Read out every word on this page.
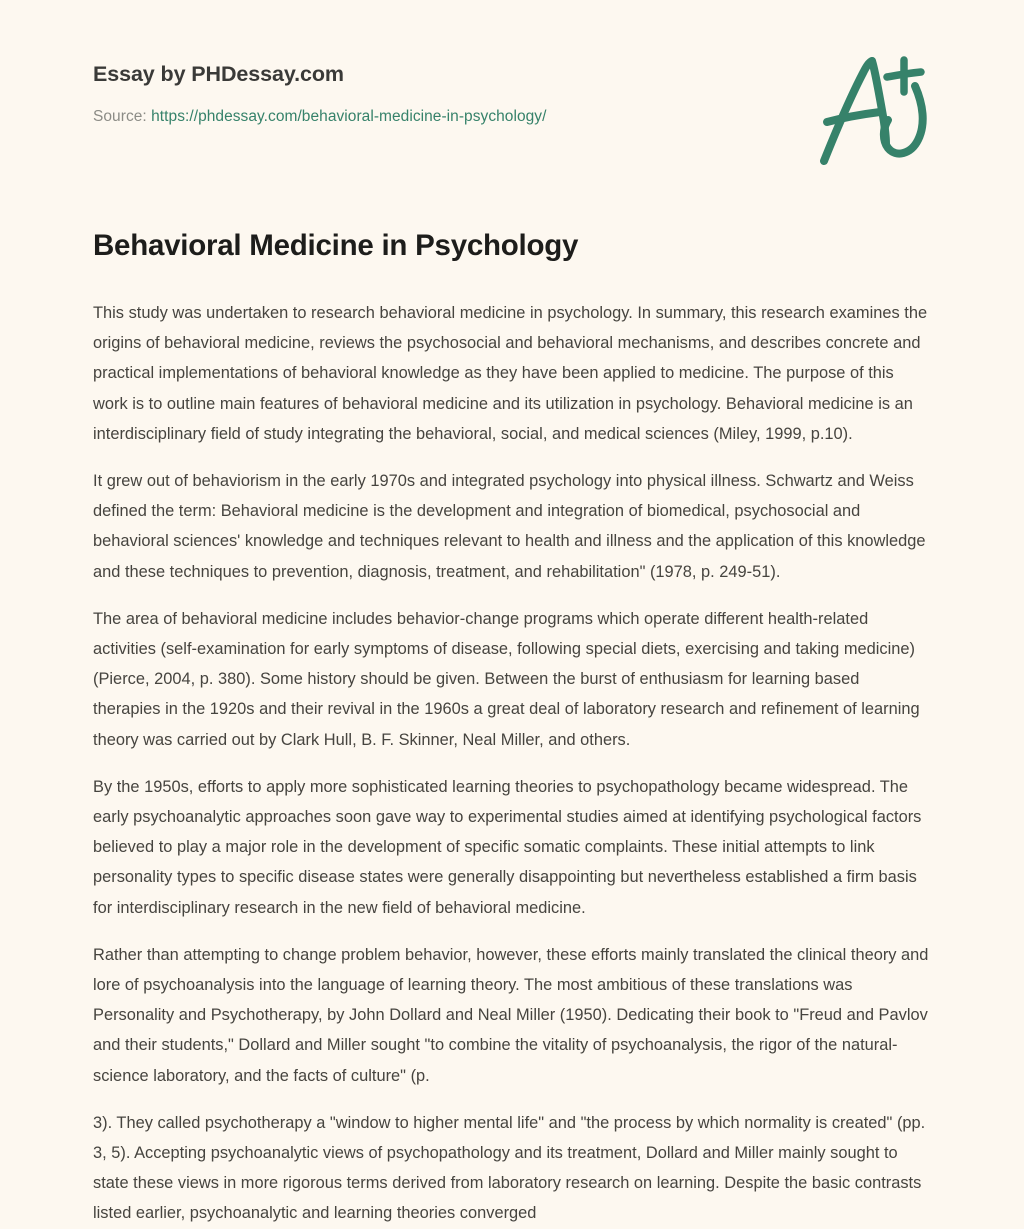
Essay by PHDessay.com
Source: https://phdessay.com/behavioral-medicine-in-psychology/
Behavioral Medicine in Psychology

This study was undertaken to research behavioral medicine in psychology. In summary, this research examines the origins of behavioral medicine, reviews the psychosocial and behavioral mechanisms, and describes concrete and practical implementations of behavioral knowledge as they have been applied to medicine. The purpose of this work is to outline main features of behavioral medicine and its utilization in psychology. Behavioral medicine is an interdisciplinary field of study integrating the behavioral, social, and medical sciences (Miley, 1999, p.10).

It grew out of behaviorism in the early 1970s and integrated psychology into physical illness. Schwartz and Weiss defined the term: Behavioral medicine is the development and integration of biomedical, psychosocial and behavioral sciences' knowledge and techniques relevant to health and illness and the application of this knowledge and these techniques to prevention, diagnosis, treatment, and rehabilitation" (1978, p. 249-51).

The area of behavioral medicine includes behavior-change programs which operate different health-related activities (self-examination for early symptoms of disease, following special diets, exercising and taking medicine) (Pierce, 2004, p. 380). Some history should be given. Between the burst of enthusiasm for learning based therapies in the 1920s and their revival in the 1960s a great deal of laboratory research and refinement of learning theory was carried out by Clark Hull, B. F. Skinner, Neal Miller, and others.

By the 1950s, efforts to apply more sophisticated learning theories to psychopathology became widespread. The early psychoanalytic approaches soon gave way to experimental studies aimed at identifying psychological factors believed to play a major role in the development of specific somatic complaints. These initial attempts to link personality types to specific disease states were generally disappointing but nevertheless established a firm basis for interdisciplinary research in the new field of behavioral medicine.

Rather than attempting to change problem behavior, however, these efforts mainly translated the clinical theory and lore of psychoanalysis into the language of learning theory. The most ambitious of these translations was Personality and Psychotherapy, by John Dollard and Neal Miller (1950). Dedicating their book to "Freud and Pavlov and their students," Dollard and Miller sought "to combine the vitality of psychoanalysis, the rigor of the natural-science laboratory, and the facts of culture" (p.

3). They called psychotherapy a "window to higher mental life" and "the process by which normality is created" (pp. 3, 5). Accepting psychoanalytic views of psychopathology and its treatment, Dollard and Miller mainly sought to state these views in more rigorous terms derived from laboratory research on learning. Despite the basic contrasts listed earlier, psychoanalytic and learning theories converged
